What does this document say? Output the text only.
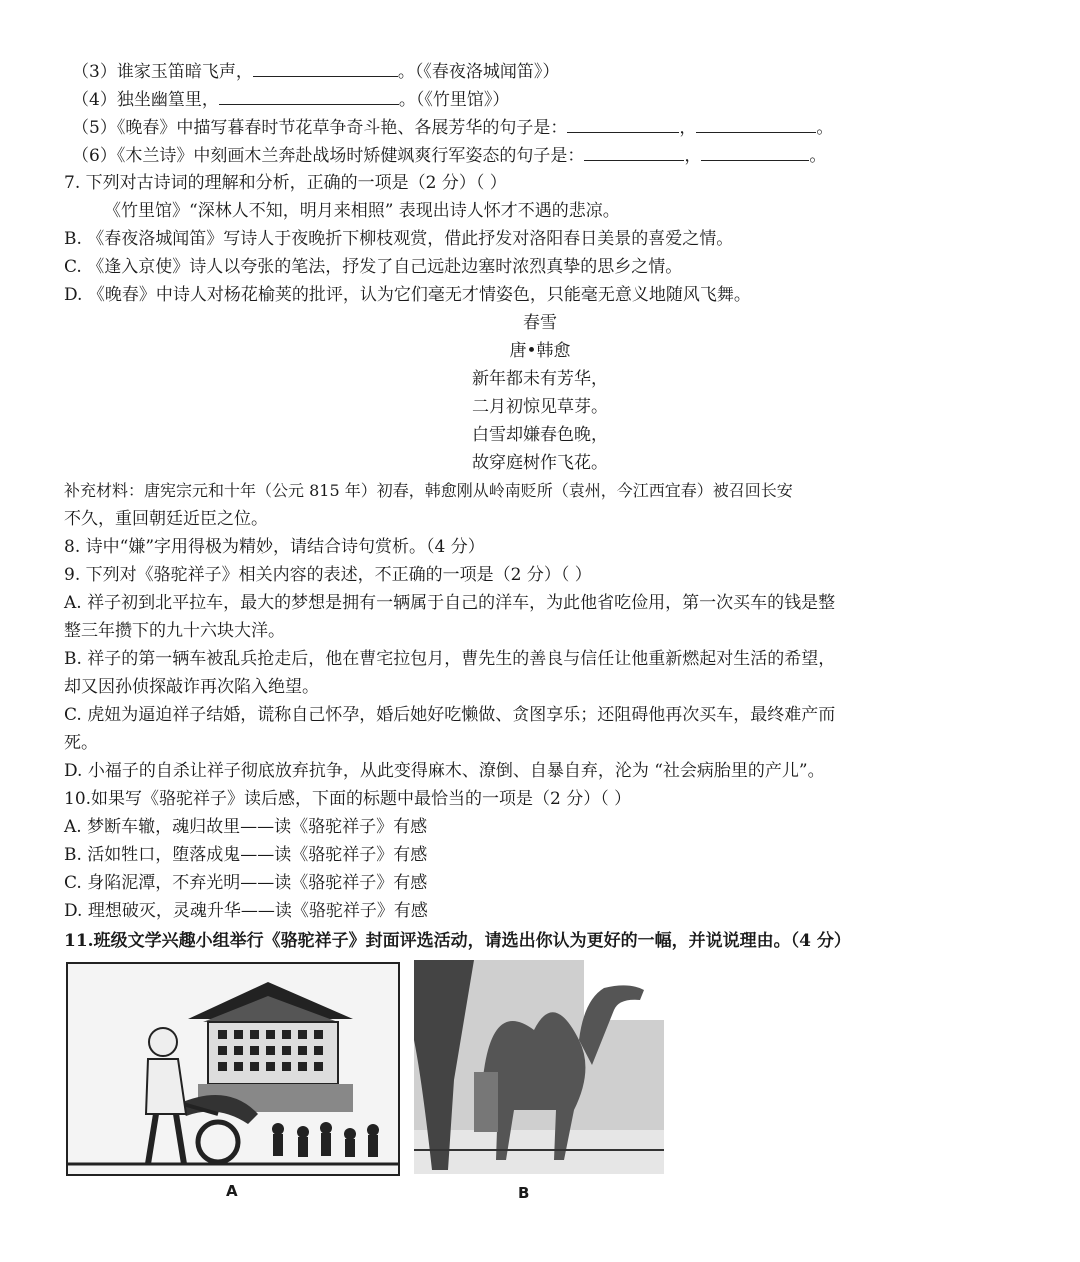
（3）谁家玉笛暗飞声，	。（《春夜洛城闻笛》）
（4）独坐幽篁里，	。（《竹里馆》）
（5）《晚春》中描写暮春时节花草争奇斗艳、各展芳华的句子是：	，	。
（6）《木兰诗》中刻画木兰奔赴战场时矫健飒爽行军姿态的句子是：	，	。
7. 下列对古诗词的理解和分析，正确的一项是（2 分）（ ）
《竹里馆》“深林人不知，明月来相照” 表现出诗人怀才不遇的悲凉。
B. 《春夜洛城闻笛》写诗人于夜晚折下柳枝观赏，借此抒发对洛阳春日美景的喜爱之情。
C. 《逢入京使》诗人以夸张的笔法，抒发了自己远赴边塞时浓烈真挚的思乡之情。
D. 《晚春》中诗人对杨花榆荚的批评，认为它们毫无才情姿色，只能毫无意义地随风飞舞。
春雪
唐•韩愈
新年都未有芳华，
二月初惊见草芽。
白雪却嫌春色晚，
故穿庭树作飞花。
补充材料：唐宪宗元和十年（公元 815 年）初春，韩愈刚从岭南贬所（袁州，今江西宜春）被召回长安
不久，重回朝廷近臣之位。
8. 诗中“嫌”字用得极为精妙，请结合诗句赏析。（4 分）
9. 下列对《骆驼祥子》相关内容的表述，不正确的一项是（2 分）（ ）
A. 祥子初到北平拉车，最大的梦想是拥有一辆属于自己的洋车，为此他省吃俭用，第一次买车的钱是整
整三年攒下的九十六块大洋。
B. 祥子的第一辆车被乱兵抢走后，他在曹宅拉包月，曹先生的善良与信任让他重新燃起对生活的希望，
却又因孙侦探敲诈再次陷入绝望。
C. 虎妞为逼迫祥子结婚，谎称自己怀孕，婚后她好吃懒做、贪图享乐；还阻碍他再次买车，最终难产而
死。
D. 小福子的自杀让祥子彻底放弃抗争，从此变得麻木、潦倒、自暴自弃，沦为 “社会病胎里的产儿”。
10.如果写《骆驼祥子》读后感，下面的标题中最恰当的一项是（2 分）（ ）
A. 梦断车辙，魂归故里——读《骆驼祥子》有感
B. 活如牲口，堕落成鬼——读《骆驼祥子》有感
C. 身陷泥潭，不弃光明——读《骆驼祥子》有感
D. 理想破灭，灵魂升华——读《骆驼祥子》有感
11.班级文学兴趣小组举行《骆驼祥子》封面评选活动，请选出你认为更好的一幅，并说说理由。（4 分）
A	B
